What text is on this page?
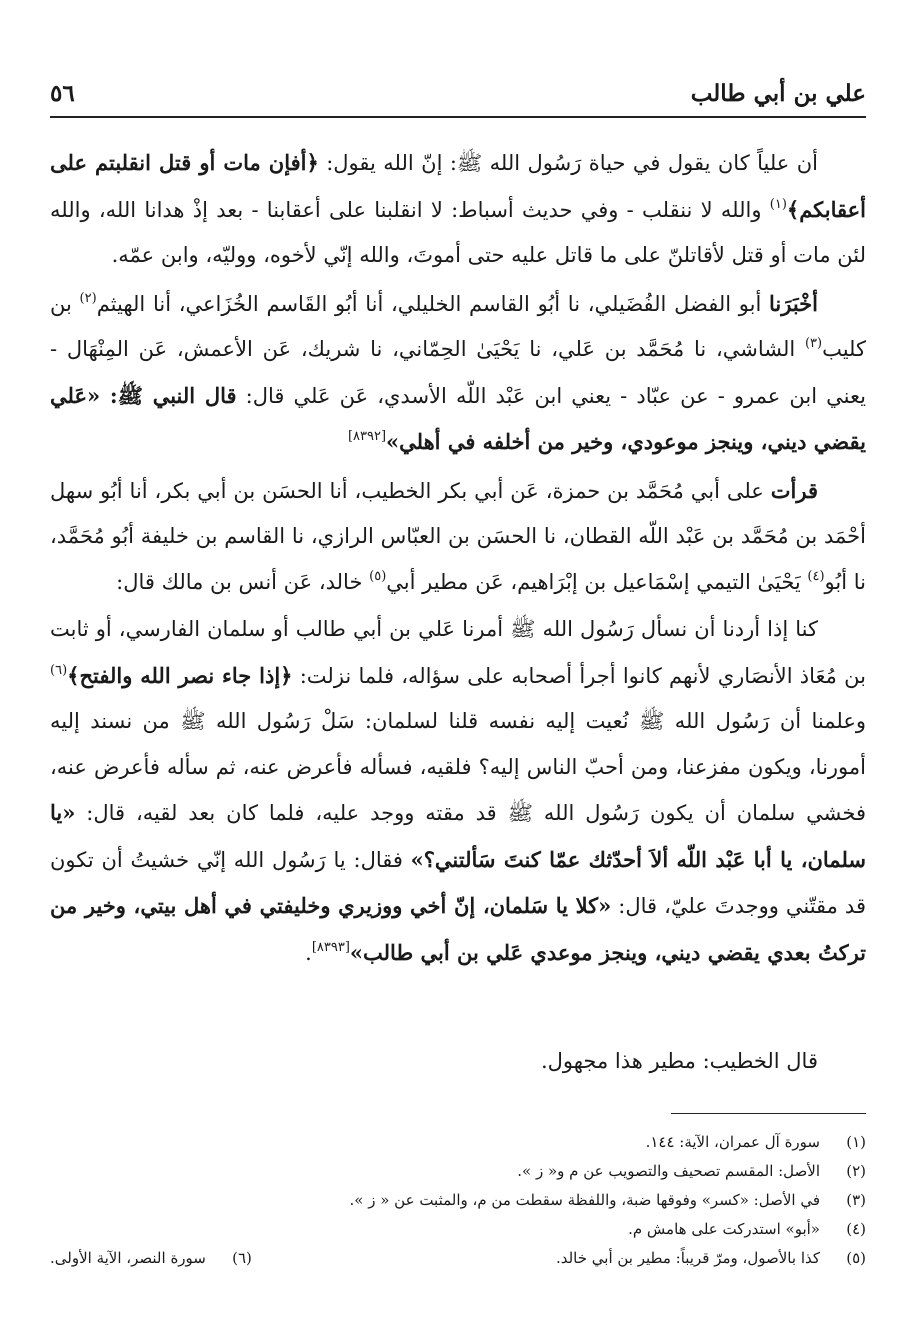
علي بن أبي طالب
٥٦

أن علياً كان يقول في حياة رَسُول الله ﷺ: إنّ الله يقول: ﴿أفإن مات أو قتل انقلبتم على أعقابكم﴾$^{(١)}$ والله لا ننقلب - وفي حديث أسباط: لا انقلبنا على أعقابنا - بعد إذْ هدانا الله، والله لئن مات أو قتل لأقاتلنّ على ما قاتل عليه حتى أموتَ، والله إنّي لأخوه، ووليّه، وابن عمّه.

أخْبَرَنا أبو الفضل الفُضَيلي، نا أبُو القاسم الخليلي، أنا أبُو القَاسم الخُزَاعي، أنا الهيثم$^{(٢)}$ بن كليب$^{(٣)}$ الشاشي، نا مُحَمَّد بن عَلي، نا يَحْيَىٰ الحِمّاني، نا شريك، عَن الأعمش، عَن المِنْهَال - يعني ابن عمرو - عن عبّاد - يعني ابن عَبْد اللّه الأسدي، عَن عَلي قال: قال النبي ﷺ: «عَلي يقضي ديني، وينجز موعودي، وخير من أخلفه في أهلي»[٨٣٩٢]

قرأت على أبي مُحَمَّد بن حمزة، عَن أبي بكر الخطيب، أنا الحسَن بن أبي بكر، أنا أبُو سهل أحْمَد بن مُحَمَّد بن عَبْد اللّه القطان، نا الحسَن بن العبّاس الرازي، نا القاسم بن خليفة أبُو مُحَمَّد، نا أبُو$^{(٤)}$ يَحْيَىٰ التيمي إسْمَاعيل بن إبْرَاهيم، عَن مطير أبي$^{(٥)}$ خالد، عَن أنس بن مالك قال:

كنا إذا أردنا أن نسأل رَسُول الله ﷺ أمرنا عَلي بن أبي طالب أو سلمان الفارسي، أو ثابت بن مُعَاذ الأنصَاري لأنهم كانوا أجرأ أصحابه على سؤاله، فلما نزلت: ﴿إذا جاء نصر الله والفتح﴾$^{(٦)}$ وعلمنا أن رَسُول الله ﷺ نُعيت إليه نفسه قلنا لسلمان: سَلْ رَسُول الله ﷺ من نسند إليه أمورنا، ويكون مفزعنا، ومن أحبّ الناس إليه؟ فلقيه، فسأله فأعرض عنه، ثم سأله فأعرض عنه، فخشي سلمان أن يكون رَسُول الله ﷺ قد مقته ووجد عليه، فلما كان بعد لقيه، قال: «يا سلمان، يا أبا عَبْد اللّه ألاَ أحدّثك عمّا كنتَ سَألتني؟» فقال: يا رَسُول الله إنّي خشيتُ أن تكون قد مقتّني ووجدتَ عليّ، قال: «كلا يا سَلمان، إنّ أخي ووزيري وخليفتي في أهل بيتي، وخير من تركتُ بعدي يقضي ديني، وينجز موعدي عَلي بن أبي طالب»[٨٣٩٣].

قال الخطيب: مطير هذا مجهول.
(١)سورة آل عمران، الآية: ١٤٤.
(٢)الأصل: المقسم تصحيف والتصويب عن م و« ز ».
(٣)في الأصل: «كسر» وفوقها ضبة، واللفظة سقطت من م، والمثبت عن « ز ».
(٤)«أبو» استدركت على هامش م.
(٥)كذا بالأصول، ومرّ قريباً: مطير بن أبي خالد.
(٦)سورة النصر، الآية الأولى.
